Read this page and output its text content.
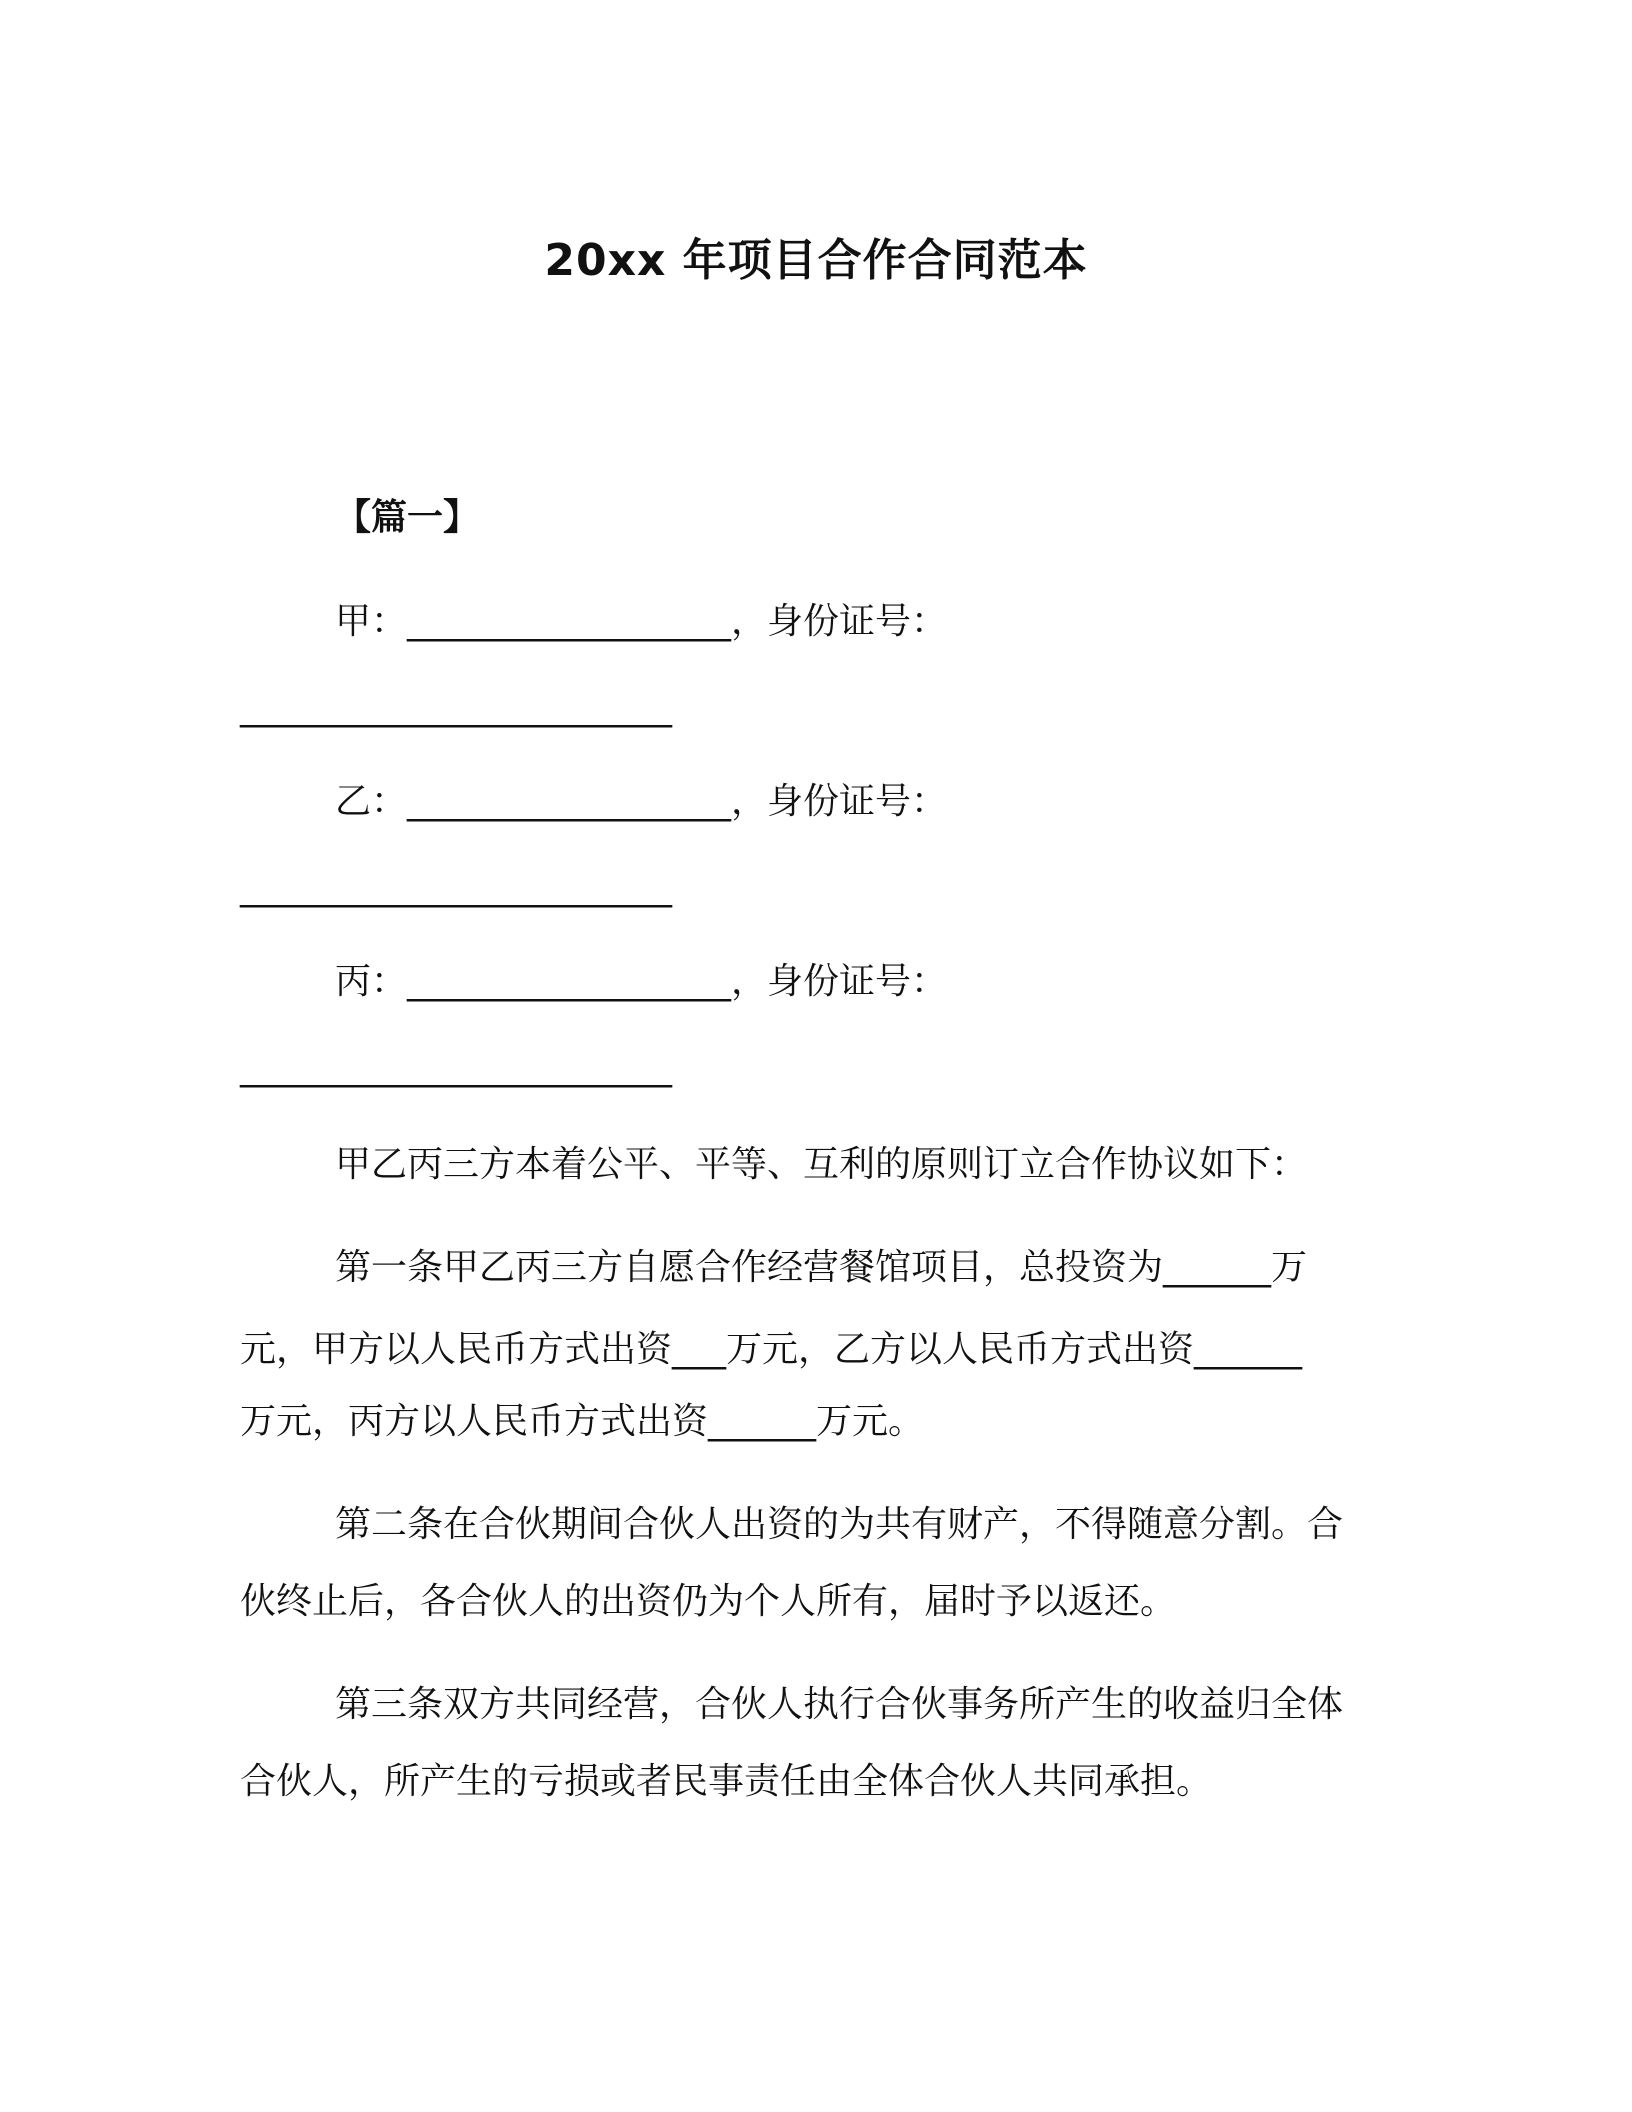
20xx 年项目合作合同范本
【篇一】
甲：__________________，身份证号：
________________________
乙：__________________，身份证号：
________________________
丙：__________________，身份证号：
________________________
甲乙丙三方本着公平、平等、互利的原则订立合作协议如下：
第一条甲乙丙三方自愿合作经营餐馆项目，总投资为______万
元，甲方以人民币方式出资___万元，乙方以人民币方式出资______
万元，丙方以人民币方式出资______万元。
第二条在合伙期间合伙人出资的为共有财产，不得随意分割。合
伙终止后，各合伙人的出资仍为个人所有，届时予以返还。
第三条双方共同经营，合伙人执行合伙事务所产生的收益归全体
合伙人，所产生的亏损或者民事责任由全体合伙人共同承担。
